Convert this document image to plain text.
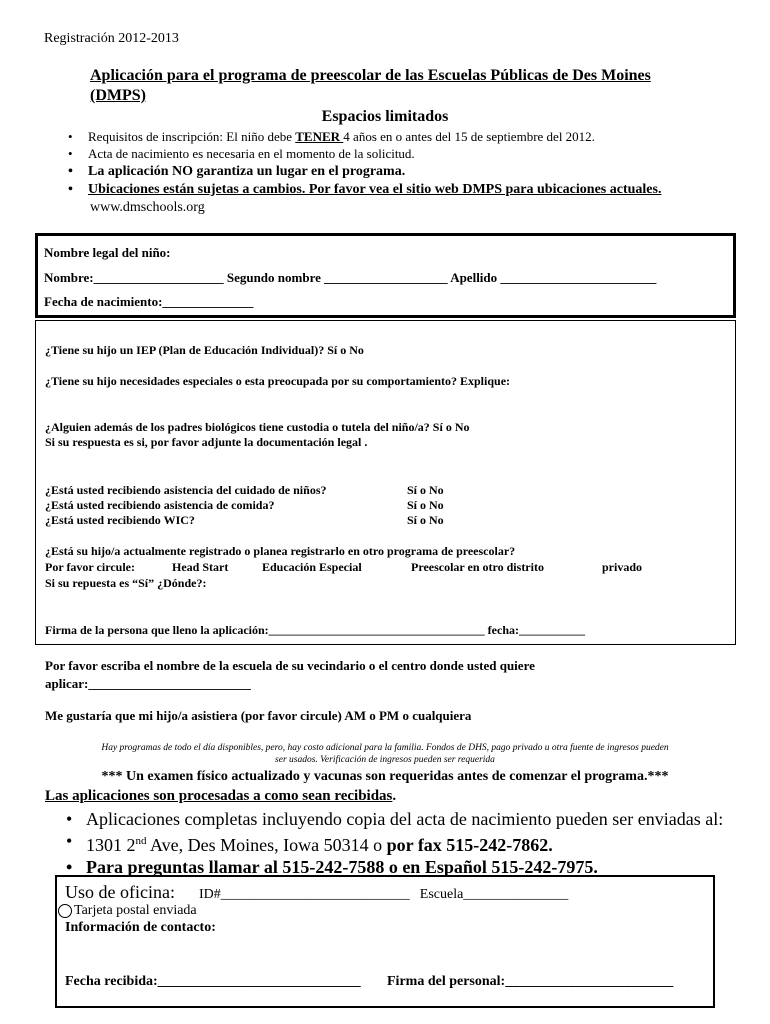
Registración 2012-2013
Aplicación para el programa de preescolar de las Escuelas Públicas de Des Moines
(DMPS)
Espacios limitados
• Requisitos de inscripción: El niño debe TENER 4 años en o antes del 15 de septiembre del 2012.
• Acta de nacimiento es necesaria en el momento de la solicitud.
• La aplicación NO garantiza un lugar en el programa.
• Ubicaciones están sujetas a cambios. Por favor vea el sitio web DMPS para ubicaciones actuales.
www.dmschools.org
Nombre legal del niño:
Nombre:____________________ Segundo nombre ___________________ Apellido ________________________
Fecha de nacimiento:______________
¿Tiene su hijo un IEP (Plan de Educación Individual)? Sí o No
¿Tiene su hijo necesidades especiales o esta preocupada por su comportamiento? Explique:
¿Alguien además de los padres biológicos tiene custodia o tutela del niño/a? Sí o No
Si su respuesta es si, por favor adjunte la documentación legal .
¿Está usted recibiendo asistencia del cuidado de niños?	Sí o No
¿Está usted recibiendo asistencia de comida?	Sí o No
¿Está usted recibiendo WIC?	Sí o No
¿Está su hijo/a actualmente registrado o planea registrarlo en otro programa de preescolar?
Por favor circule:	Head Start	Educación Especial	Preescolar en otro distrito	privado
Si su repuesta es “Sí” ¿Dónde?:
Firma de la persona que lleno la aplicación:____________________________________ fecha:___________
Por favor escriba el nombre de la escuela de su vecindario o el centro donde usted quiere
aplicar:_________________________
Me gustaría que mi hijo/a asistiera (por favor circule) AM o PM o cualquiera
Hay programas de todo el día disponibles, pero, hay costo adicional para la familia. Fondos de DHS, pago privado u otra fuente de ingresos pueden
ser usados. Verificación de ingresos pueden ser requerida
*** Un examen físico actualizado y vacunas son requeridas antes de comenzar el programa.***
Las aplicaciones son procesadas a como sean recibidas.
• Aplicaciones completas incluyendo copia del acta de nacimiento pueden ser enviadas al:
• 1301 2nd Ave, Des Moines, Iowa 50314 o por fax 515-242-7862.
• Para preguntas llamar al 515-242-7588 o en Español 515-242-7975.
Uso de oficina: ID#___________________________ Escuela_______________
Tarjeta postal enviada
Información de contacto:
Fecha recibida:_____________________________ Firma del personal:________________________
